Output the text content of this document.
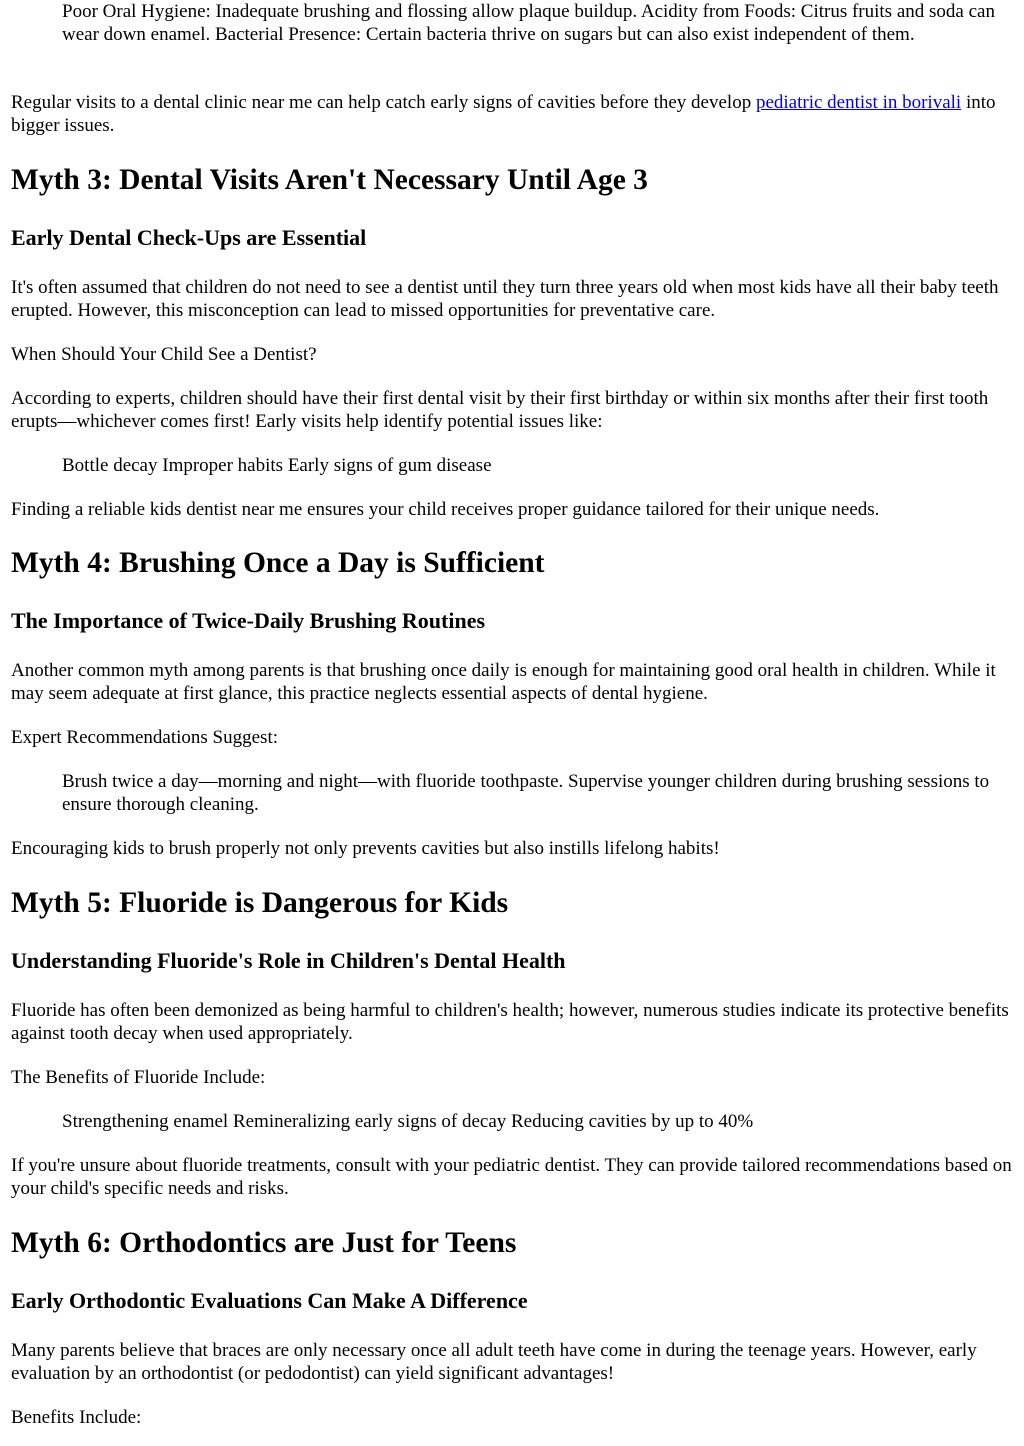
Poor Oral Hygiene: Inadequate brushing and flossing allow plaque buildup. Acidity from Foods: Citrus fruits and soda can wear down enamel. Bacterial Presence: Certain bacteria thrive on sugars but can also exist independent of them.

Regular visits to a dental clinic near me can help catch early signs of cavities before they develop pediatric dentist in borivali into bigger issues.

Myth 3: Dental Visits Aren't Necessary Until Age 3
Early Dental Check-Ups are Essential

It's often assumed that children do not need to see a dentist until they turn three years old when most kids have all their baby teeth erupted. However, this misconception can lead to missed opportunities for preventative care.

When Should Your Child See a Dentist?

According to experts, children should have their first dental visit by their first birthday or within six months after their first tooth erupts—whichever comes first! Early visits help identify potential issues like:

Bottle decay Improper habits Early signs of gum disease

Finding a reliable kids dentist near me ensures your child receives proper guidance tailored for their unique needs.

Myth 4: Brushing Once a Day is Sufficient
The Importance of Twice-Daily Brushing Routines

Another common myth among parents is that brushing once daily is enough for maintaining good oral health in children. While it may seem adequate at first glance, this practice neglects essential aspects of dental hygiene.

Expert Recommendations Suggest:

Brush twice a day—morning and night—with fluoride toothpaste. Supervise younger children during brushing sessions to ensure thorough cleaning.

Encouraging kids to brush properly not only prevents cavities but also instills lifelong habits!

Myth 5: Fluoride is Dangerous for Kids
Understanding Fluoride's Role in Children's Dental Health

Fluoride has often been demonized as being harmful to children's health; however, numerous studies indicate its protective benefits against tooth decay when used appropriately.

The Benefits of Fluoride Include:

Strengthening enamel Remineralizing early signs of decay Reducing cavities by up to 40%

If you're unsure about fluoride treatments, consult with your pediatric dentist. They can provide tailored recommendations based on your child's specific needs and risks.

Myth 6: Orthodontics are Just for Teens
Early Orthodontic Evaluations Can Make A Difference

Many parents believe that braces are only necessary once all adult teeth have come in during the teenage years. However, early evaluation by an orthodontist (or pedodontist) can yield significant advantages!

Benefits Include:
